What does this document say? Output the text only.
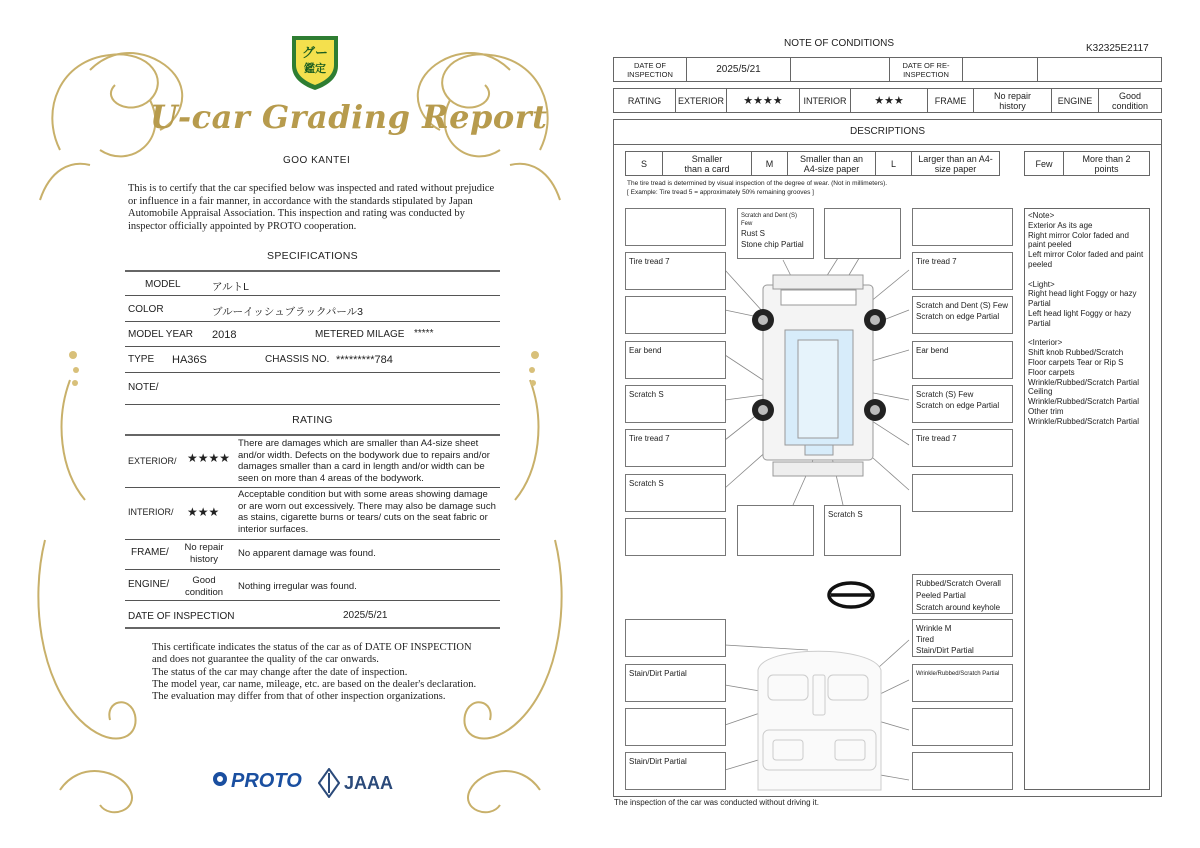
グー
鑑定
U-car Grading Report
GOO KANTEI
This is to certify that the car specified below was inspected and rated without prejudice or influence in a fair manner, in accordance with the standards stipulated by Japan Automobile Appraisal Association. This inspection and rating was conducted by inspector officially appointed by PROTO cooperation.
SPECIFICATIONS
MODEL	アルトL
COLOR	ブルーイッシュブラックパール3
MODEL YEAR 2018	METERED MILAGE *****
TYPE HA36S	CHASSIS NO. *********784
NOTE/
RATING
EXTERIOR/ ★★★★
There are damages which are smaller than A4-size sheet and/or width. Defects on the bodywork due to repairs and/or damages smaller than a card in length and/or width can be seen on more than 4 areas of the bodywork.
INTERIOR/ ★★★
Acceptable condition but with some areas showing damage or are worn out excessively. There may also be damage such as stains, cigarette burns or tears/ cuts on the seat fabric or interior surfaces.
FRAME/	No repair history	No apparent damage was found.
ENGINE/	Good condition	Nothing irregular was found.
DATE OF INSPECTION	2025/5/21
This certificate indicates the status of the car as of DATE OF INSPECTION and does not guarantee the quality of the car onwards.
The status of the car may change after the date of inspection.
The model year, car name, mileage, etc. are based on the dealer's declaration.
The evaluation may differ from that of other inspection organizations.
PROTO JAAA
NOTE OF CONDITIONS	K32325E2117
DATE OF INSPECTION	2025/5/21	DATE OF RE-INSPECTION
RATING	EXTERIOR	★★★★	INTERIOR	★★★	FRAME	No repair history	ENGINE	Good condition
DESCRIPTIONS
S	Smaller than a card	M	Smaller than an A4-size paper	L	Larger than an A4-size paper	Few	More than 2 points
The tire tread is determined by visual inspection of the degree of wear. (Not in millimeters).
[ Example: Tire tread 5 = approximately 50% remaining grooves ]
Tire tread 7
Ear bend
Scratch S
Tire tread 7
Scratch S
Scratch and Dent (S) Few
Rust S
Stone chip Partial
Tire tread 7
Scratch and Dent (S) Few
Scratch on edge Partial
Ear bend
Scratch (S) Few
Scratch on edge Partial
Tire tread 7
Scratch S
Rubbed/Scratch Overall
Peeled Partial
Scratch around keyhole
Wrinkle M
Tired
Stain/Dirt Partial
Stain/Dirt Partial	Wrinkle/Rubbed/Scratch Partial
Stain/Dirt Partial
<Note>
Exterior As its age
Right mirror Color faded and paint peeled
Left mirror Color faded and paint peeled

<Light>
Right head light Foggy or hazy Partial
Left head light Foggy or hazy Partial

<Interior>
Shift knob Rubbed/Scratch
Floor carpets Tear or Rip S
Floor carpets
Wrinkle/Rubbed/Scratch Partial
Ceiling
Wrinkle/Rubbed/Scratch Partial
Other trim
Wrinkle/Rubbed/Scratch Partial
The inspection of the car was conducted without driving it.
